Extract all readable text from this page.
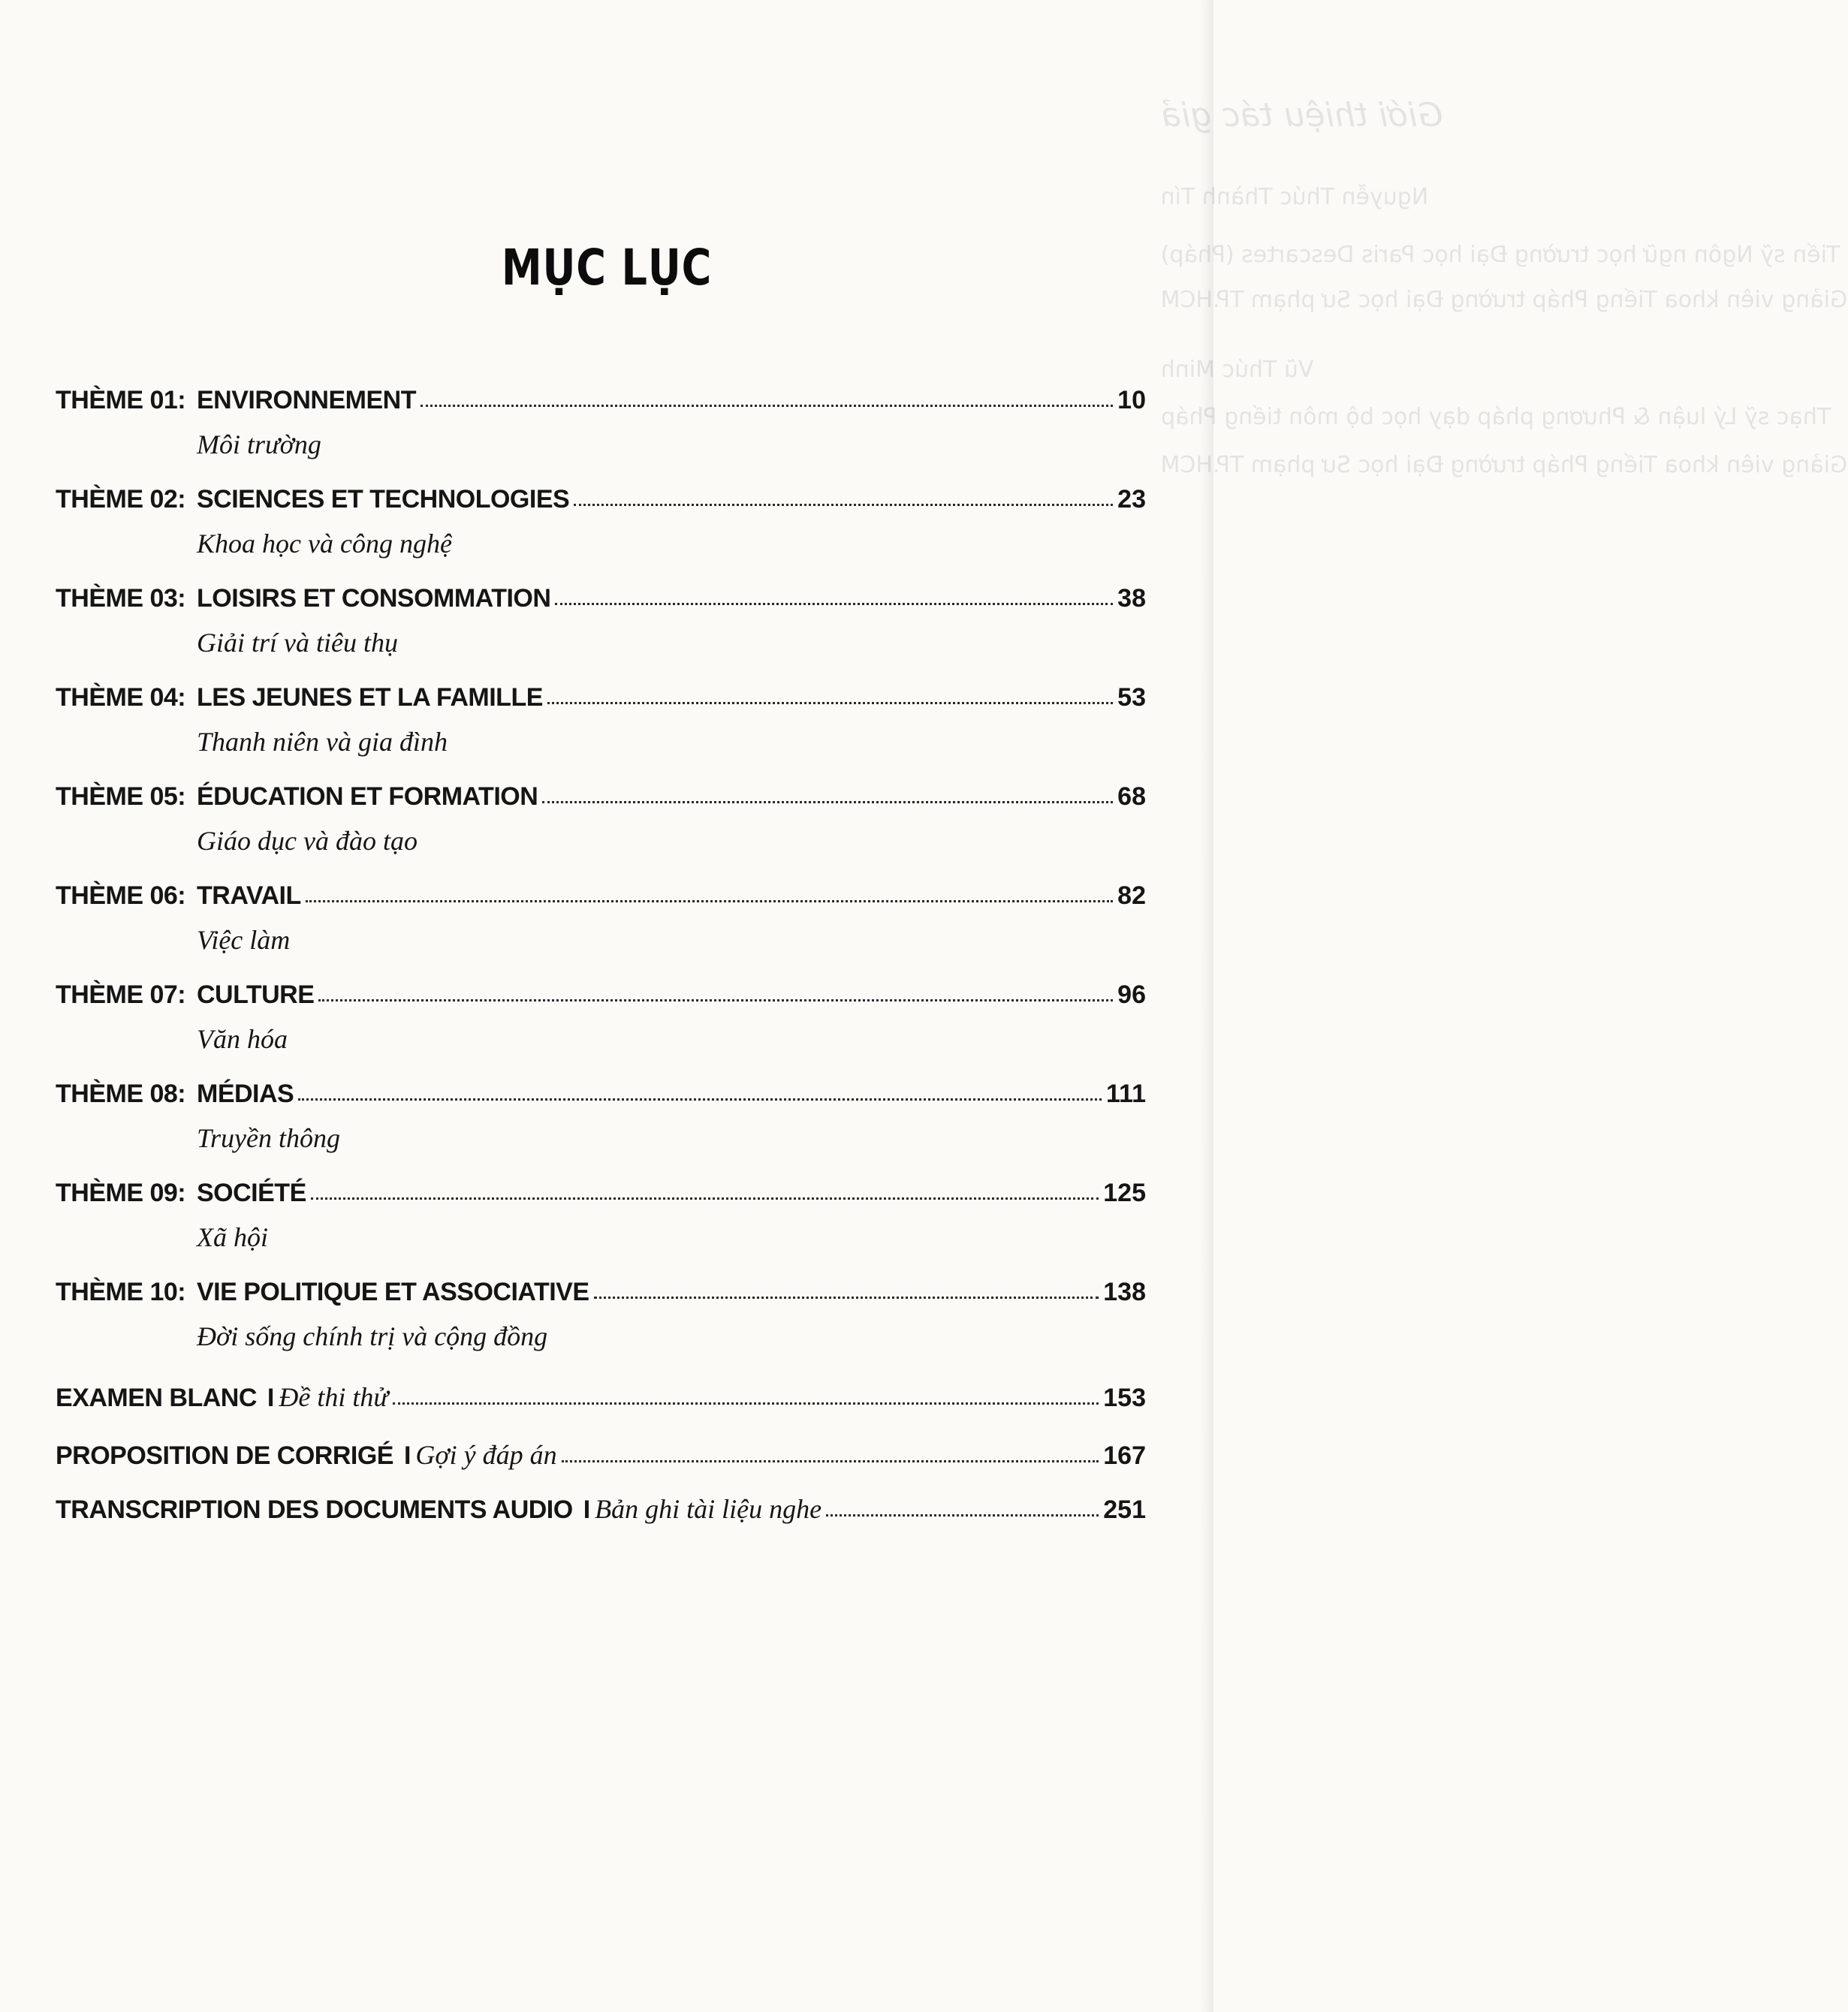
Giới thiệu tác giả
Nguyễn Thúc Thành Tín
Tiến sỹ Ngôn ngữ học trường Đại học Paris Descartes (Pháp)
Giảng viên khoa Tiếng Pháp trường Đại học Sư phạm TP.HCM
Vũ Thúc Minh
Thạc sỹ Lý luận & Phương pháp dạy học bộ môn tiếng Pháp
Giảng viên khoa Tiếng Pháp trường Đại học Sư phạm TP.HCM
MỤC LỤC
THÈME 01: ENVIRONNEMENT	10
Môi trường
THÈME 02: SCIENCES ET TECHNOLOGIES	23
Khoa học và công nghệ
THÈME 03: LOISIRS ET CONSOMMATION	38
Giải trí và tiêu thụ
THÈME 04: LES JEUNES ET LA FAMILLE	53
Thanh niên và gia đình
THÈME 05: ÉDUCATION ET FORMATION	68
Giáo dục và đào tạo
THÈME 06: TRAVAIL	82
Việc làm
THÈME 07: CULTURE	96
Văn hóa
THÈME 08: MÉDIAS	111
Truyền thông
THÈME 09: SOCIÉTÉ	125
Xã hội
THÈME 10: VIE POLITIQUE ET ASSOCIATIVE	138
Đời sống chính trị và cộng đồng
EXAMEN BLANC I Đề thi thử	153
PROPOSITION DE CORRIGÉ I Gợi ý đáp án	167
TRANSCRIPTION DES DOCUMENTS AUDIO I Bản ghi tài liệu nghe	251
